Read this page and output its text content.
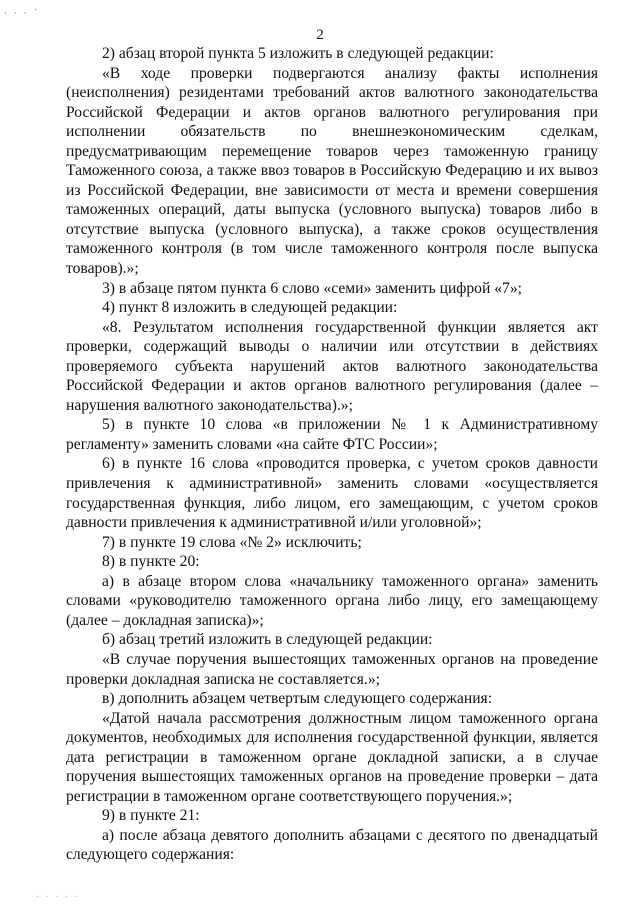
· · · ˙
. . . . .
2

2) абзац второй пункта 5 изложить в следующей редакции:

«В ходе проверки подвергаются анализу факты исполнения (неисполнения) резидентами требований актов валютного законодательства Российской Федерации и актов органов валютного регулирования при исполнении обязательств по внешнеэкономическим сделкам, предусматривающим перемещение товаров через таможенную границу Таможенного союза, а также ввоз товаров в Российскую Федерацию и их вывоз из Российской Федерации, вне зависимости от места и времени совершения таможенных операций, даты выпуска (условного выпуска) товаров либо в отсутствие выпуска (условного выпуска), а также сроков осуществления таможенного контроля (в том числе таможенного контроля после выпуска товаров).»;

3) в абзаце пятом пункта 6 слово «семи» заменить цифрой «7»;

4) пункт 8 изложить в следующей редакции:

«8. Результатом исполнения государственной функции является акт проверки, содержащий выводы о наличии или отсутствии в действиях проверяемого субъекта нарушений актов валютного законодательства Российской Федерации и актов органов валютного регулирования (далее – нарушения валютного законодательства).»;

5) в пункте 10 слова «в приложении № 1 к Административному регламенту» заменить словами «на сайте ФТС России»;

6) в пункте 16 слова «проводится проверка, с учетом сроков давности привлечения к административной» заменить словами «осуществляется государственная функция, либо лицом, его замещающим, с учетом сроков давности привлечения к административной и/или уголовной»;

7) в пункте 19 слова «№ 2» исключить;

8) в пункте 20:

а) в абзаце втором слова «начальнику таможенного органа» заменить словами «руководителю таможенного органа либо лицу, его замещающему (далее – докладная записка)»;

б) абзац третий изложить в следующей редакции:

«В случае поручения вышестоящих таможенных органов на проведение проверки докладная записка не составляется.»;

в) дополнить абзацем четвертым следующего содержания:

«Датой начала рассмотрения должностным лицом таможенного органа документов, необходимых для исполнения государственной функции, является дата регистрации в таможенном органе докладной записки, а в случае поручения вышестоящих таможенных органов на проведение проверки – дата регистрации в таможенном органе соответствующего поручения.»;

9) в пункте 21:

а) после абзаца девятого дополнить абзацами с десятого по двенадцатый следующего содержания:
